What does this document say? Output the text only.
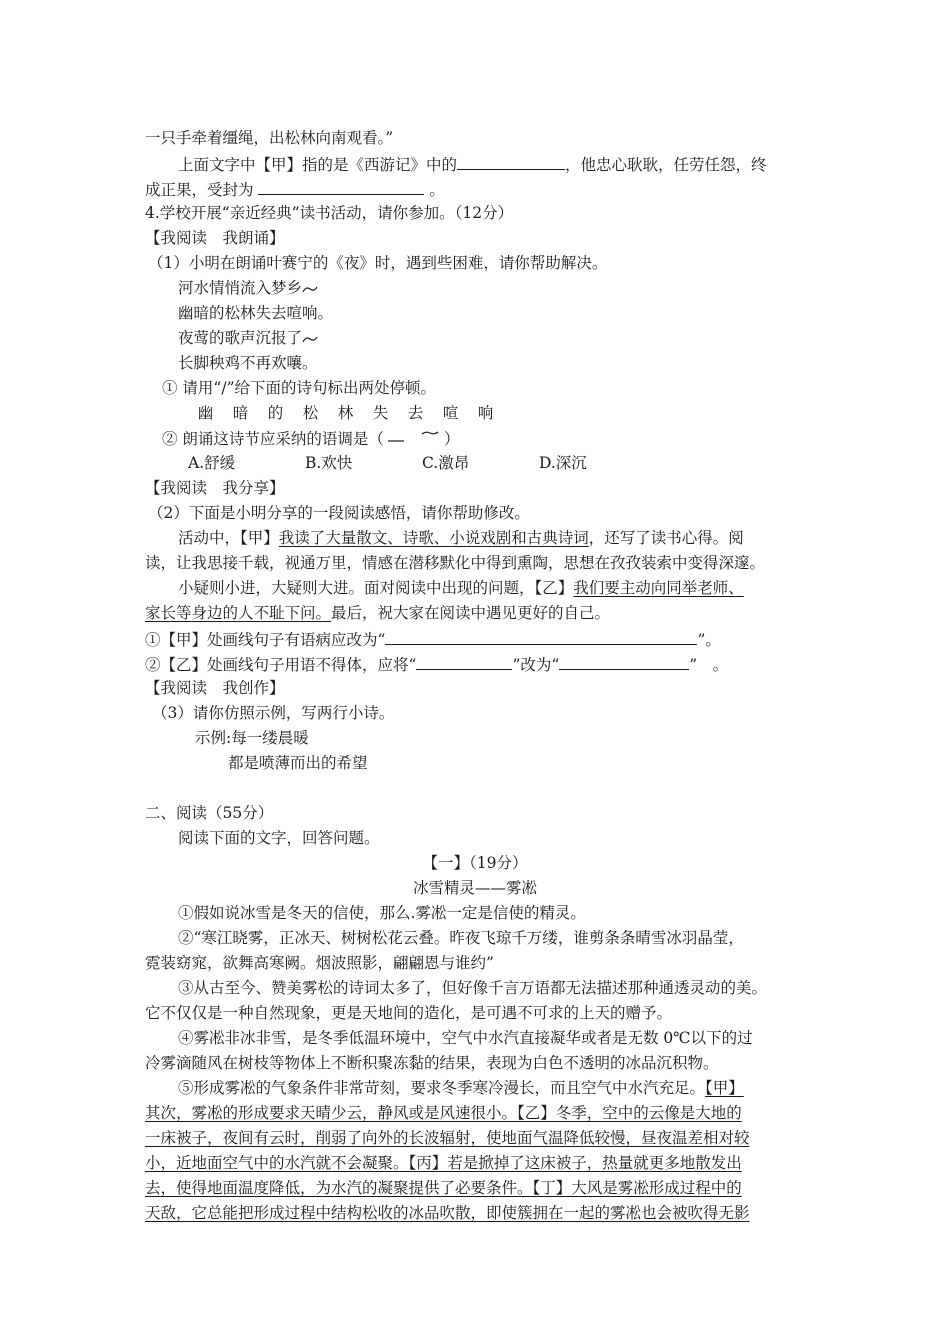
一只手牵着缰绳，出松林向南观看。”
上面文字中【甲】指的是《西游记》中的	，他忠心耿耿，任劳任怨，终
成正果，受封为	。
4.学校开展“亲近经典”读书活动，请你参加。（12分）
【我阅读　我朗诵】
（1）小明在朗诵叶赛宁的《夜》时，遇到些困难，请你帮助解决。
河水情悄流入梦乡
幽暗的松林失去喧响。
夜莺的歌声沉报了
长脚秧鸡不再欢嚷。
① 请用“/”给下面的诗句标出两处停顿。
幽 暗 的 松 林 失 去 喧 响
② 朗诵这诗节应采纳的语调是（	）
A.舒缓	B.欢快	C.激昂	D.深沉
【我阅读　我分享】
（2）下面是小明分享的一段阅读感悟，请你帮助修改。
活动中，【甲】我读了大量散文、诗歌、小说戏剧和古典诗词，还写了读书心得。阅
读，让我思接千载，视通万里，情感在潜移默化中得到熏陶，思想在孜孜装索中变得深邃。
小疑则小进，大疑则大进。面对阅读中出现的问题，【乙】我们要主动向同举老师、
家长等身边的人不耻下问。最后，祝大家在阅读中遇见更好的自己。
①【甲】处画线句子有语病应改为“	”。
②【乙】处画线句子用语不得体，应将“	”改为“	”　。
【我阅读　我创作】
（3）请你仿照示例，写两行小诗。
示例:每一缕晨暖
都是喷薄而出的希望
二、阅读（55分）
阅读下面的文字，回答问题。
【一】（19分）
冰雪精灵——雾凇
①假如说冰雪是冬天的信使，那么.雾凇一定是信使的精灵。
②“寒江晓雾，正冰天、树树松花云叠。昨夜飞琼千万缕，谁剪条条晴雪冰羽晶莹，
霓装窈窕，欲舞高寒阙。烟波照影，翩翩恩与谁约”
③从古至今、赞美雾松的诗词太多了，但好像千言万语都无法描述那种通透灵动的美。
它不仅仅是一种自然现象，更是天地间的造化，是可遇不可求的上天的赠予。
④雾凇非冰非雪，是冬季低温环境中，空气中水汽直接凝华或者是无数 0℃以下的过
冷雾滴随风在树枝等物体上不断积聚冻黏的结果，表现为白色不透明的冰品沉积物。
⑤形成雾凇的气象条件非常苛刻，要求冬季寒冷漫长，而且空气中水汽充足。【甲】
其次，雾凇的形成要求天晴少云，静风或是风速很小。【乙】冬季，空中的云像是大地的
一床被子，夜间有云时，削弱了向外的长波辐射，使地面气温降低较慢，昼夜温差相对较
小，近地面空气中的水汽就不会凝聚。【丙】若是掀掉了这床被子，热量就更多地散发出
去，使得地面温度降低，为水汽的凝聚提供了必要条件。【丁】大风是雾凇形成过程中的
天敌，它总能把形成过程中结构松收的冰品吹散，即使簇拥在一起的雾凇也会被吹得无影
